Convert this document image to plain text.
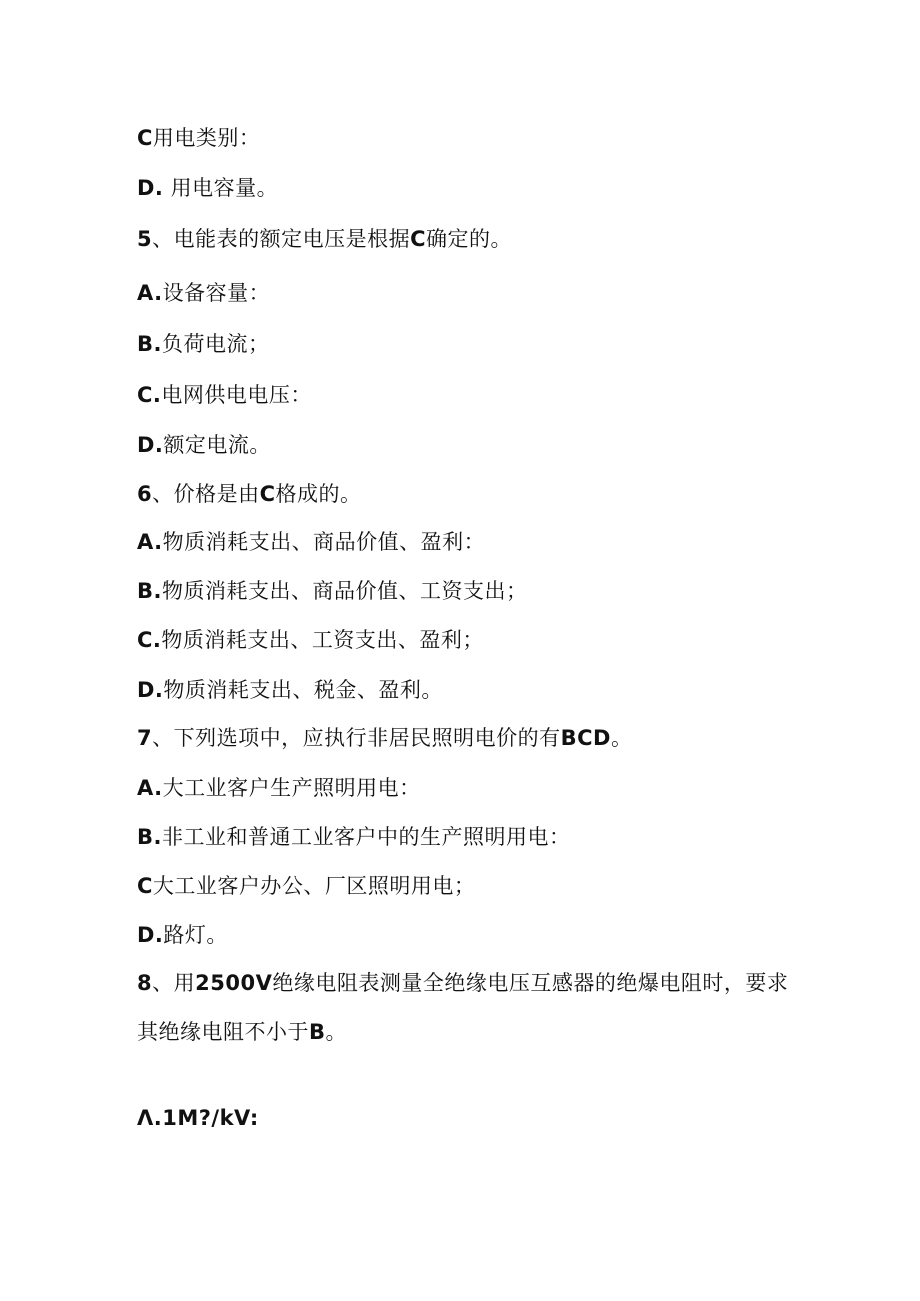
C用电类别：
D. 用电容量。
5、电能表的额定电压是根据C确定的。
A.设备容量：
B.负荷电流；
C.电网供电电压：
D.额定电流。
6、价格是由C格成的。
A.物质消耗支出、商品价值、盈利：
B.物质消耗支出、商品价值、工资支出；
C.物质消耗支出、工资支出、盈利；
D.物质消耗支出、税金、盈利。
7、下列选项中，应执行非居民照明电价的有BCD。
A.大工业客户生产照明用电：
B.非工业和普通工业客户中的生产照明用电：
C大工业客户办公、厂区照明用电；
D.路灯。
8、用2500V绝缘电阻表测量全绝缘电压互感器的绝爆电阻时，要求
其绝缘电阻不小于B。
Λ.1M?/kV:
